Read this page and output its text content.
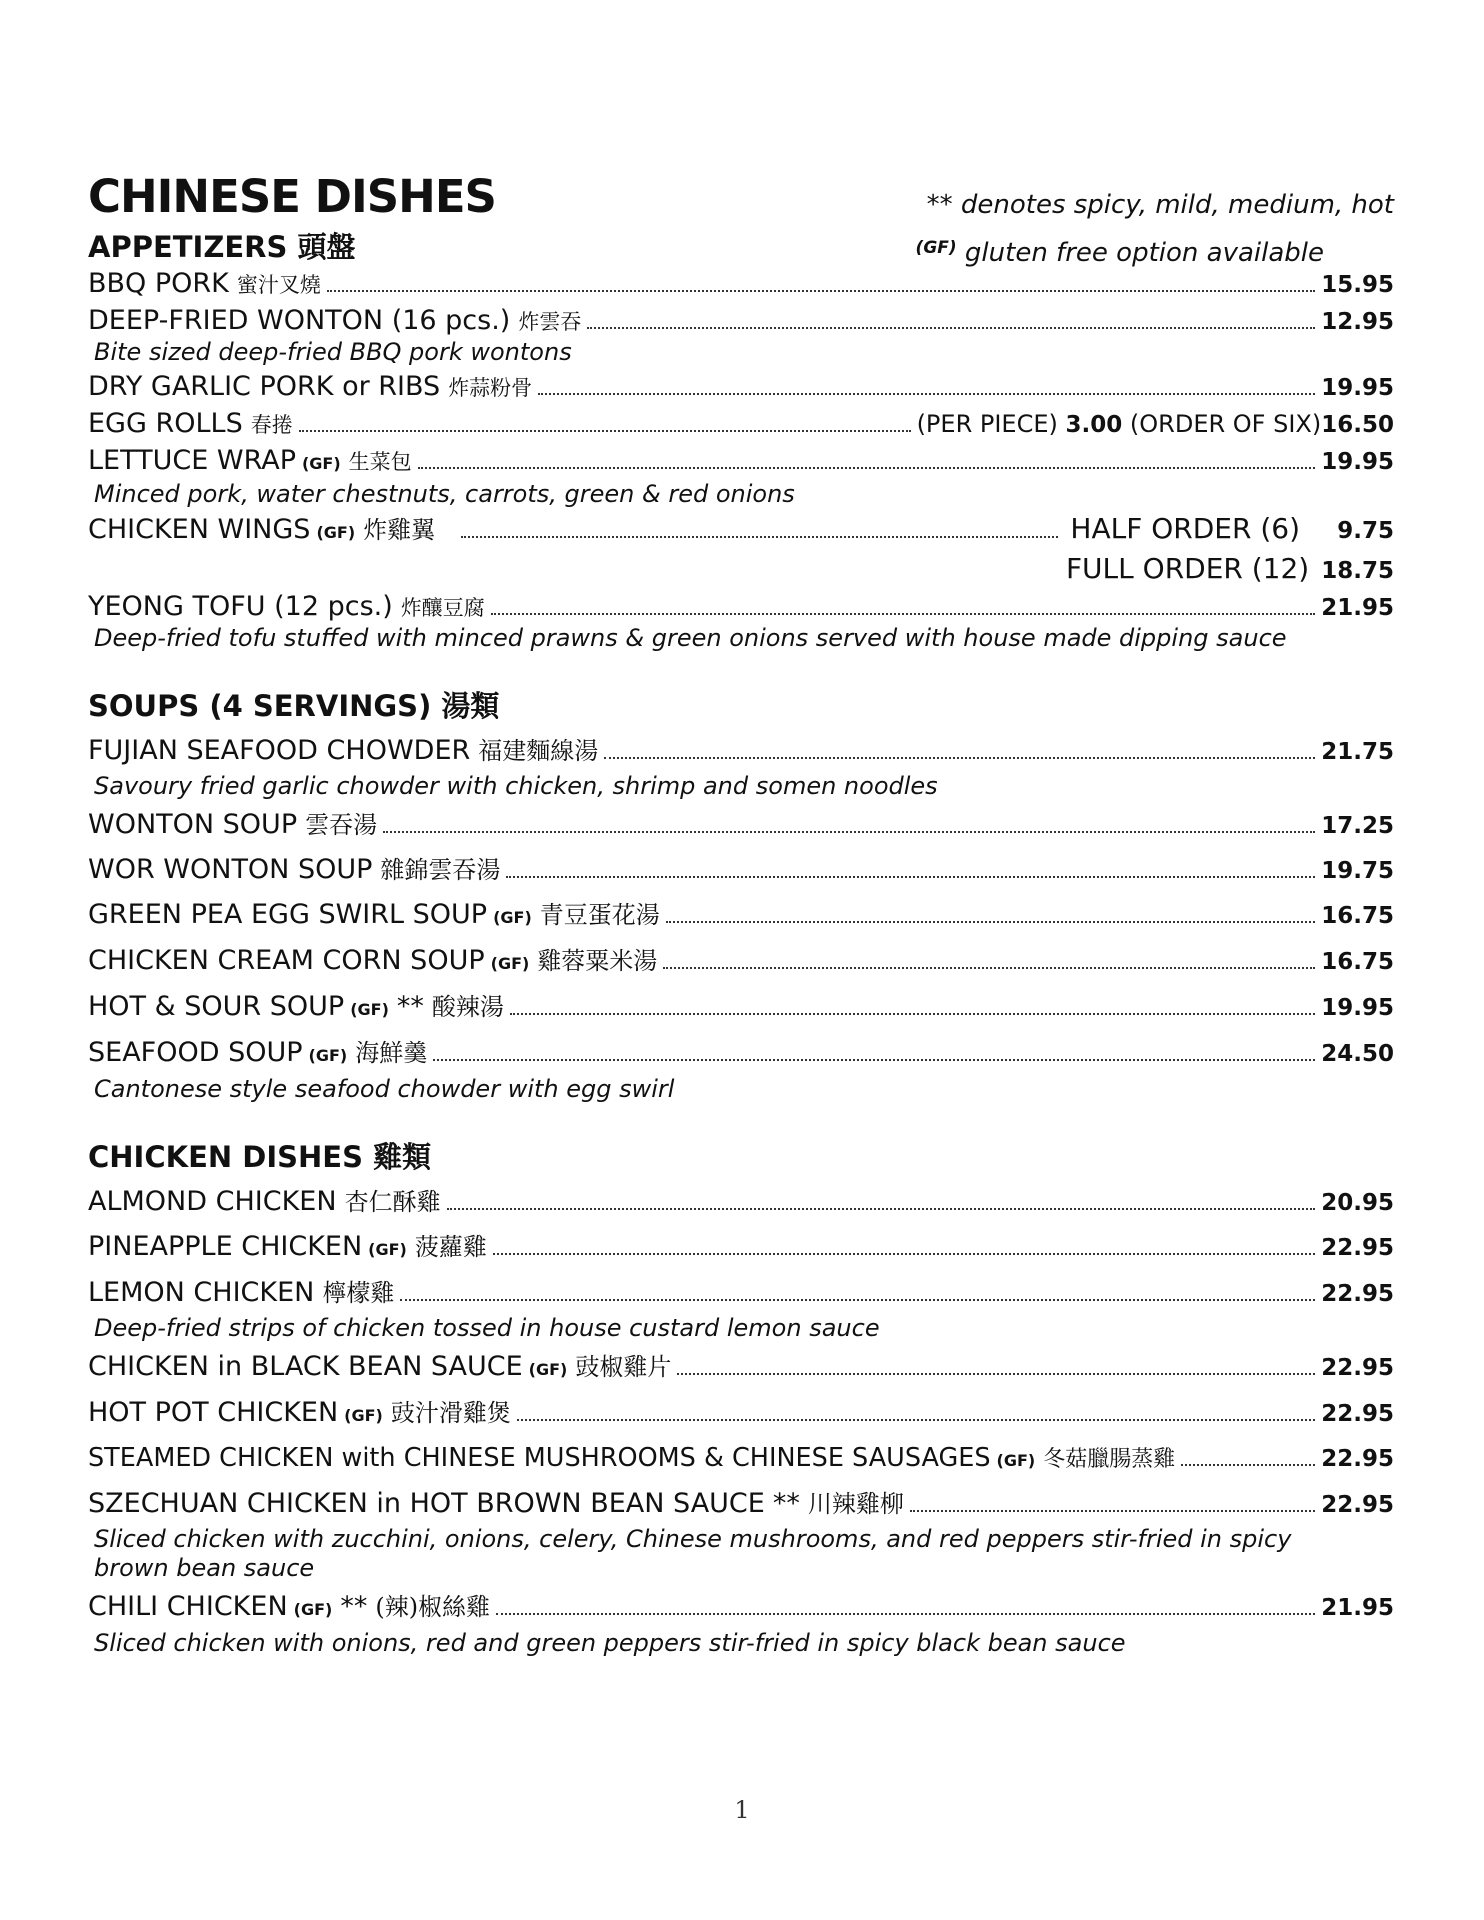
CHINESE DISHES	** denotes spicy, mild, medium, hot
$^{(GF)}$ gluten free option available
APPETIZERS 頭盤
BBQ PORK 蜜汁叉燒	15.95
DEEP-FRIED WONTON (16 pcs.) 炸雲吞	12.95
Bite sized deep-fried BBQ pork wontons
DRY GARLIC PORK or RIBS 炸蒜粉骨	19.95
EGG ROLLS 春捲	(PER PIECE) 3.00 (ORDER OF SIX) 16.50
LETTUCE WRAP (GF) 生菜包	19.95
Minced pork, water chestnuts, carrots, green & red onions
CHICKEN WINGS (GF) 炸雞翼	HALF ORDER (6) 9.75
FULL ORDER (12) 18.75
YEONG TOFU (12 pcs.) 炸釀豆腐	21.95
Deep-fried tofu stuffed with minced prawns & green onions served with house made dipping sauce
SOUPS (4 SERVINGS) 湯類
FUJIAN SEAFOOD CHOWDER 福建麵線湯	21.75
Savoury fried garlic chowder with chicken, shrimp and somen noodles
WONTON SOUP 雲吞湯	17.25
WOR WONTON SOUP 雜錦雲吞湯	19.75
GREEN PEA EGG SWIRL SOUP (GF) 青豆蛋花湯	16.75
CHICKEN CREAM CORN SOUP (GF) 雞蓉粟米湯	16.75
HOT & SOUR SOUP (GF) ** 酸辣湯	19.95
SEAFOOD SOUP (GF) 海鮮羹	24.50
Cantonese style seafood chowder with egg swirl
CHICKEN DISHES 雞類
ALMOND CHICKEN 杏仁酥雞	20.95
PINEAPPLE CHICKEN (GF) 菠蘿雞	22.95
LEMON CHICKEN 檸檬雞	22.95
Deep-fried strips of chicken tossed in house custard lemon sauce
CHICKEN in BLACK BEAN SAUCE (GF) 豉椒雞片	22.95
HOT POT CHICKEN (GF) 豉汁滑雞煲	22.95
STEAMED CHICKEN with CHINESE MUSHROOMS & CHINESE SAUSAGES (GF) 冬菇臘腸蒸雞	22.95
SZECHUAN CHICKEN in HOT BROWN BEAN SAUCE ** 川辣雞柳	22.95
Sliced chicken with zucchini, onions, celery, Chinese mushrooms, and red peppers stir-fried in spicy brown bean sauce
CHILI CHICKEN (GF) ** (辣)椒絲雞	21.95
Sliced chicken with onions, red and green peppers stir-fried in spicy black bean sauce
1
